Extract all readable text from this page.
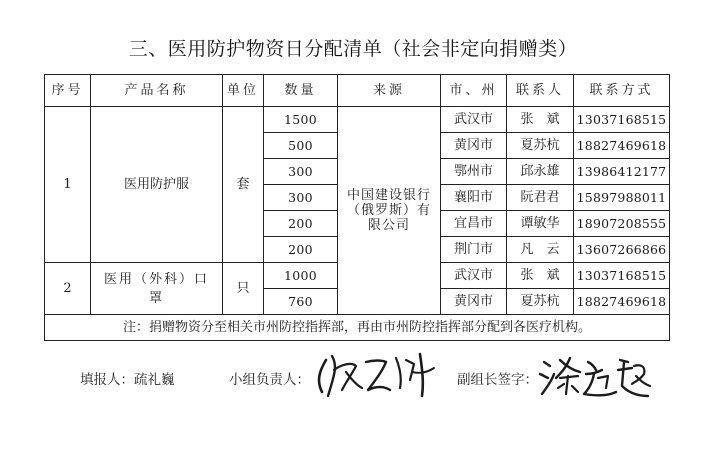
三、医用防护物资日分配清单（社会非定向捐赠类）
序号	产品名称	单位	数量	来源	市、州	联系人	联系方式
1	医用防护服	套	1500	中国建设银行（俄罗斯）有限公司	武汉市	张　斌	13037168515
			500		黄冈市	夏苏杭	18827469618
			300		鄂州市	邱永雄	13986412177
			300		襄阳市	阮君君	15897988011
			200		宜昌市	谭敏华	18907208555
			200		荆门市	凡　云	13607266866
2	医用（外科）口罩	只	1000		武汉市	张　斌	13037168515
			760		黄冈市	夏苏杭	18827469618
注：捐赠物资分至相关市州防控指挥部，再由市州防控指挥部分配到各医疗机构。							
填报人：疏礼巍	小组负责人：	副组长签字：
